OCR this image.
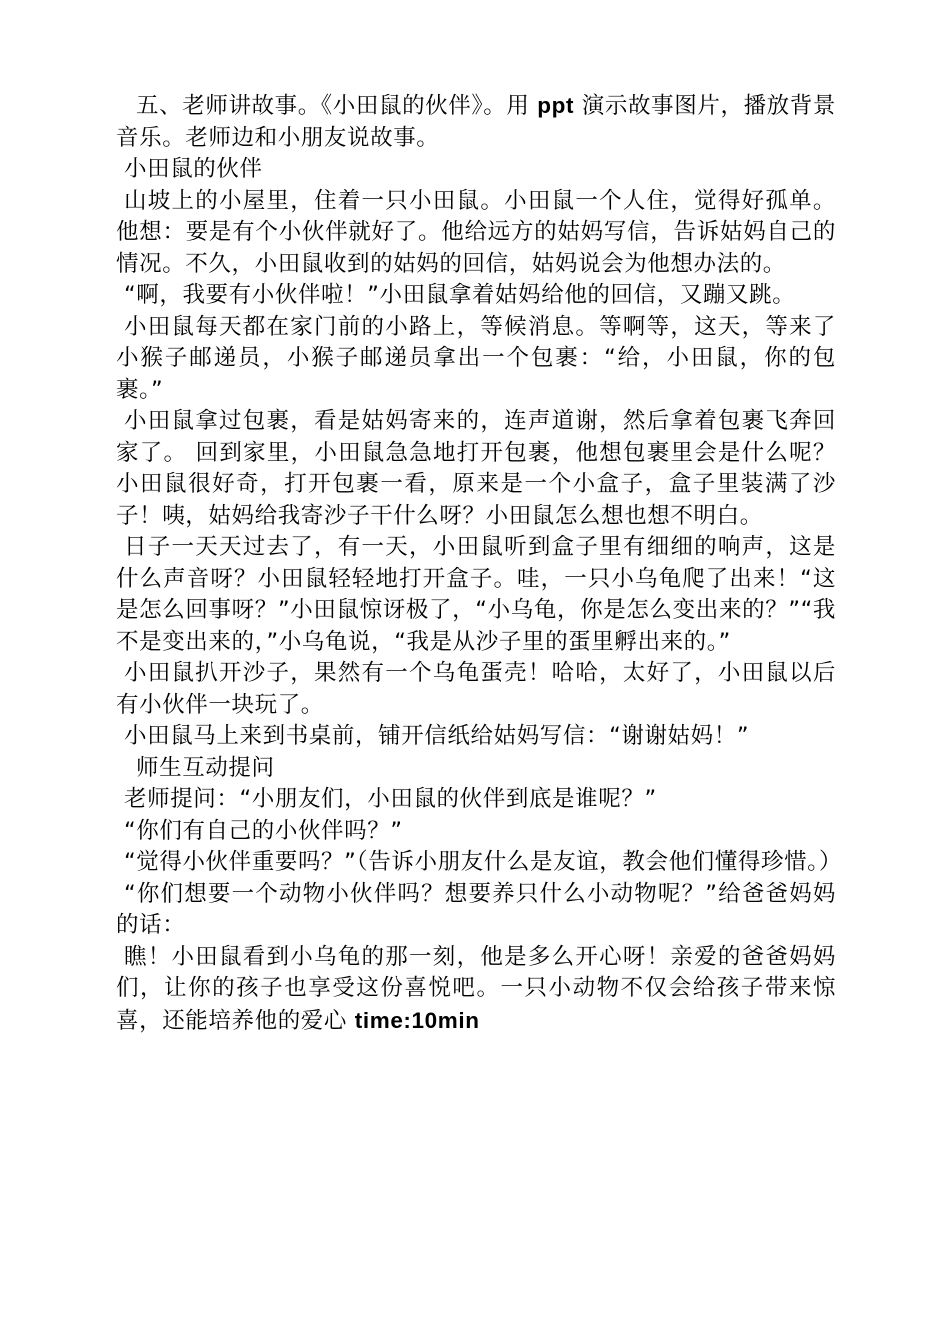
五、老师讲故事。《小田鼠的伙伴》。用 ppt 演示故事图片，播放背景音乐。老师边和小朋友说故事。

小田鼠的伙伴

山坡上的小屋里，住着一只小田鼠。小田鼠一个人住，觉得好孤单。他想：要是有个小伙伴就好了。他给远方的姑妈写信，告诉姑妈自己的情况。不久，小田鼠收到的姑妈的回信，姑妈说会为他想办法的。

“啊，我要有小伙伴啦！”小田鼠拿着姑妈给他的回信，又蹦又跳。

小田鼠每天都在家门前的小路上，等候消息。等啊等，这天，等来了小猴子邮递员，小猴子邮递员拿出一个包裹：“给，小田鼠，你的包裹。”

小田鼠拿过包裹，看是姑妈寄来的，连声道谢，然后拿着包裹飞奔回家了。 回到家里，小田鼠急急地打开包裹，他想包裹里会是什么呢？小田鼠很好奇，打开包裹一看，原来是一个小盒子，盒子里装满了沙子！咦，姑妈给我寄沙子干什么呀？小田鼠怎么想也想不明白。

日子一天天过去了，有一天，小田鼠听到盒子里有细细的响声，这是什么声音呀？小田鼠轻轻地打开盒子。哇，一只小乌龟爬了出来！“这是怎么回事呀？”小田鼠惊讶极了，“小乌龟，你是怎么变出来的？”“我不是变出来的，”小乌龟说，“我是从沙子里的蛋里孵出来的。”

小田鼠扒开沙子，果然有一个乌龟蛋壳！哈哈，太好了，小田鼠以后有小伙伴一块玩了。

小田鼠马上来到书桌前，铺开信纸给姑妈写信：“谢谢姑妈！”

师生互动提问

老师提问：“小朋友们，小田鼠的伙伴到底是谁呢？”

“你们有自己的小伙伴吗？”

“觉得小伙伴重要吗？”（告诉小朋友什么是友谊，教会他们懂得珍惜。）

“你们想要一个动物小伙伴吗？想要养只什么小动物呢？”给爸爸妈妈的话：

瞧！小田鼠看到小乌龟的那一刻，他是多么开心呀！亲爱的爸爸妈妈们，让你的孩子也享受这份喜悦吧。一只小动物不仅会给孩子带来惊喜，还能培养他的爱心 time:10min
